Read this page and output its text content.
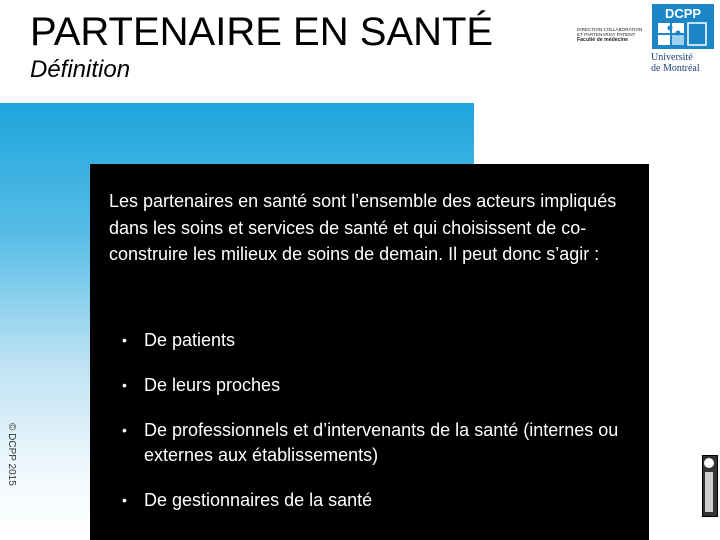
PARTENAIRE EN SANTÉ
Définition
DIRECTION COLLABORATION
ET PARTENARIAT PATIENT
Faculté de médecine
DCPP
Université
de Montréal
Les partenaires en santé sont l’ensemble des acteurs impliqués dans les soins et services de santé et qui choisissent de co-construire les milieux de soins de demain. Il peut donc s’agir :
• De patients
• De leurs proches
• De professionnels et d’intervenants de la santé (internes ou externes aux établissements)
• De gestionnaires de la santé
© DCPP 2015
